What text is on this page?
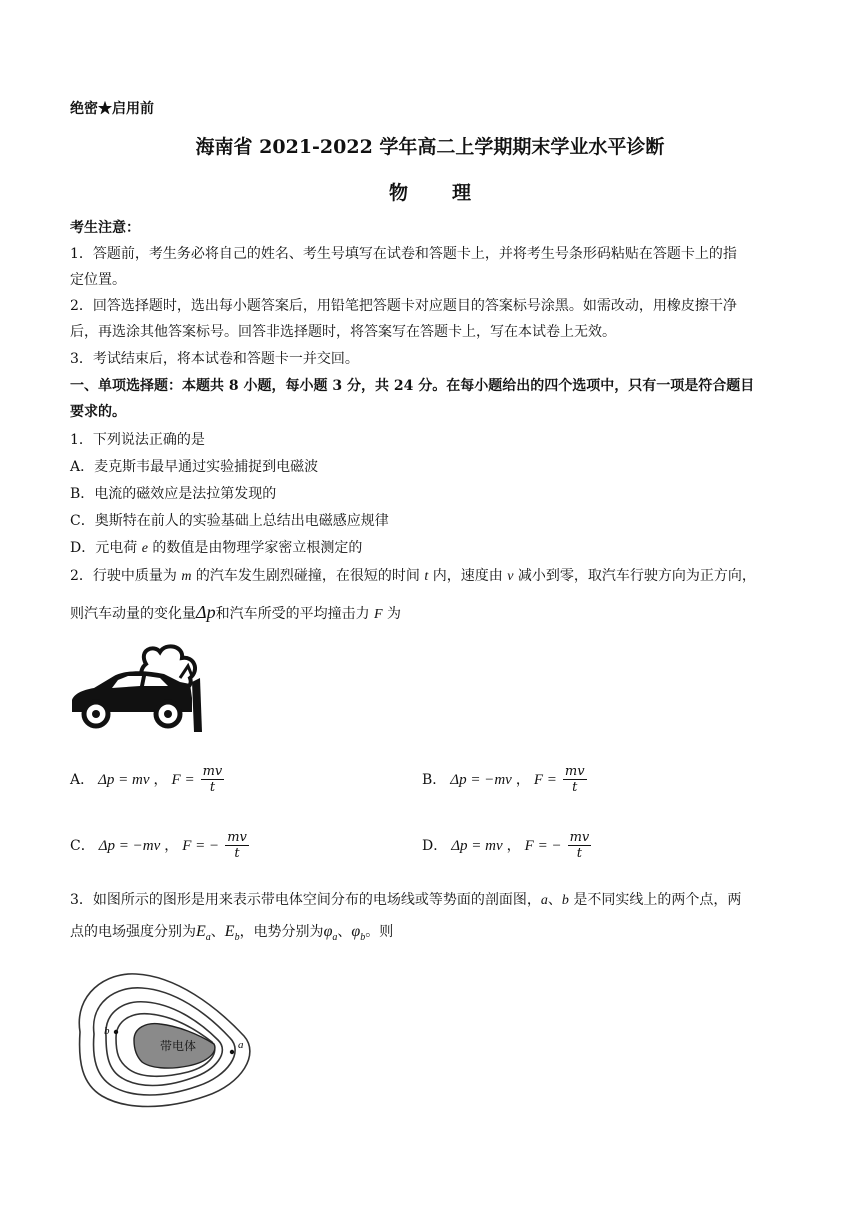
绝密★启用前
海南省 2021-2022 学年高二上学期期末学业水平诊断
物 理
考生注意：
1．答题前，考生务必将自己的姓名、考生号填写在试卷和答题卡上，并将考生号条形码粘贴在答题卡上的指
定位置。
2．回答选择题时，选出每小题答案后，用铅笔把答题卡对应题目的答案标号涂黑。如需改动，用橡皮擦干净
后，再选涂其他答案标号。回答非选择题时，将答案写在答题卡上，写在本试卷上无效。
3．考试结束后，将本试卷和答题卡一并交回。
一、单项选择题：本题共 8 小题，每小题 3 分，共 24 分。在每小题给出的四个选项中，只有一项是符合题目
要求的。
1．下列说法正确的是
A．麦克斯韦最早通过实验捕捉到电磁波
B．电流的磁效应是法拉第发现的
C．奥斯特在前人的实验基础上总结出电磁感应规律
D．元电荷 e 的数值是由物理学家密立根测定的
2．行驶中质量为 m 的汽车发生剧烈碰撞，在很短的时间 t 内，速度由 v 减小到零，取汽车行驶方向为正方向，
则汽车动量的变化量Δp和汽车所受的平均撞击力 F 为
A． Δp = mv ， $F = \frac{mv}{t}$	B． Δp = −mv ， $F = \frac{mv}{t}$
C． Δp = −mv ， F = − $\frac{mv}{t}$	D． Δp = mv ， F = − $\frac{mv}{t}$
3．如图所示的图形是用来表示带电体空间分布的电场线或等势面的剖面图，a、b 是不同实线上的两个点，两
点的电场强度分别为$E_a$、$E_b$，电势分别为$\varphi_a$、$\varphi_b$。则
带电体
b
a
